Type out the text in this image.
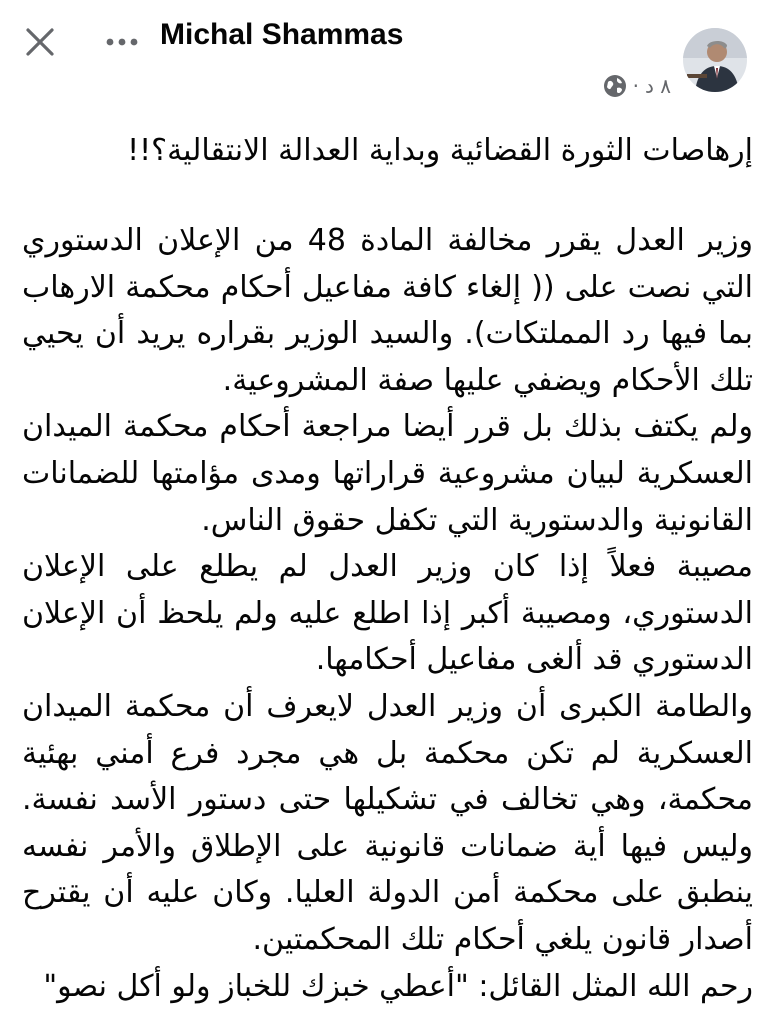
Michal Shammas
٨ د
·
إرهاصات الثورة القضائية وبداية العدالة الانتقالية؟!!

وزير العدل يقرر مخالفة المادة 48 من الإعلان الدستوري التي نصت على (( إلغاء كافة مفاعيل أحكام محكمة الارهاب بما فيها رد المملتكات). والسيد الوزير بقراره يريد أن يحيي تلك الأحكام ويضفي عليها صفة المشروعية.

ولم يكتف بذلك بل قرر أيضا مراجعة أحكام محكمة الميدان العسكرية لبيان مشروعية قراراتها ومدى مؤامتها للضمانات القانونية والدستورية التي تكفل حقوق الناس.

مصيبة فعلاً إذا كان وزير العدل لم يطلع على الإعلان الدستوري، ومصيبة أكبر إذا اطلع عليه ولم يلحظ أن الإعلان الدستوري قد ألغى مفاعيل أحكامها.

والطامة الكبرى أن وزير العدل لايعرف أن محكمة الميدان العسكرية لم تكن محكمة بل هي مجرد فرع أمني بهئية محكمة، وهي تخالف في تشكيلها حتى دستور الأسد نفسة. وليس فيها أية ضمانات قانونية على الإطلاق والأمر نفسه ينطبق على محكمة أمن الدولة العليا. وكان عليه أن يقترح أصدار قانون يلغي أحكام تلك المحكمتين.

رحم الله المثل القائل: "أعطي خبزك للخباز ولو أكل نصو"
